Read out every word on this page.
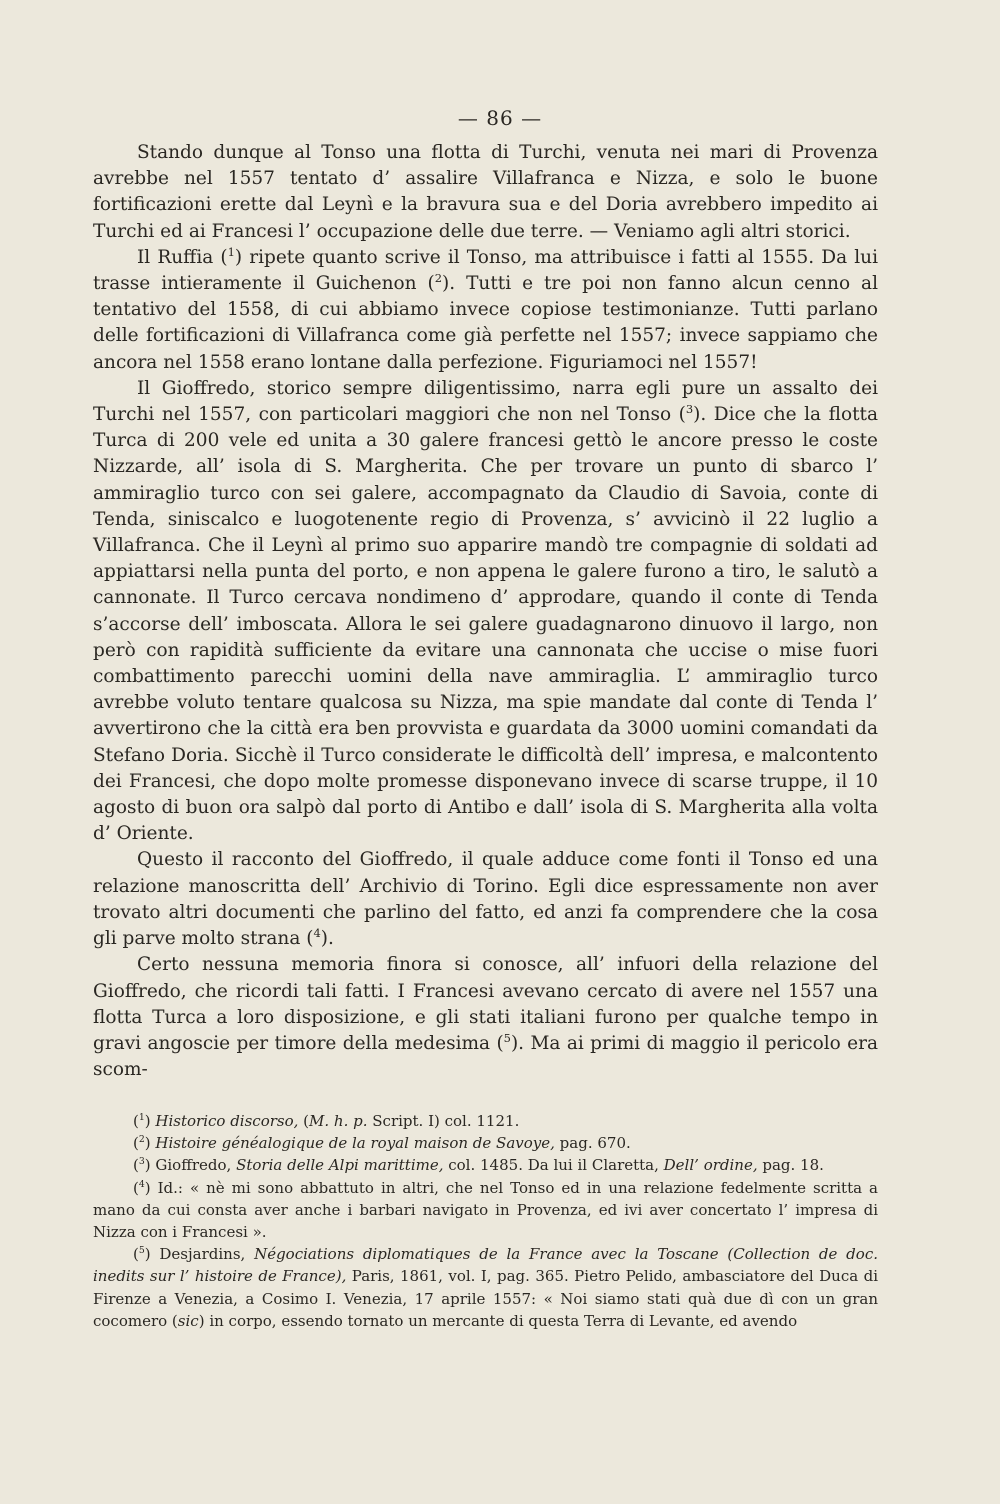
— 86 —

Stando dunque al Tonso una flotta di Turchi, venuta nei mari di Provenza avrebbe nel 1557 tentato d’ assalire Villafranca e Nizza, e solo le buone fortificazioni erette dal Leynì e la bravura sua e del Doria avrebbero impedito ai Turchi ed ai Francesi l’ occupazione delle due terre. — Veniamo agli altri storici.

Il Ruffia ($^1$) ripete quanto scrive il Tonso, ma attribuisce i fatti al 1555. Da lui trasse intieramente il Guichenon ($^2$). Tutti e tre poi non fanno alcun cenno al tentativo del 1558, di cui abbiamo invece copiose testimonianze. Tutti parlano delle fortificazioni di Villafranca come già perfette nel 1557; invece sappiamo che ancora nel 1558 erano lontane dalla perfezione. Figuriamoci nel 1557!

Il Gioffredo, storico sempre diligentissimo, narra egli pure un assalto dei Turchi nel 1557, con particolari maggiori che non nel Tonso ($^3$). Dice che la flotta Turca di 200 vele ed unita a 30 galere francesi gettò le ancore presso le coste Nizzarde, all’ isola di S. Margherita. Che per trovare un punto di sbarco l’ ammiraglio turco con sei galere, accompagnato da Claudio di Savoia, conte di Tenda, siniscalco e luogotenente regio di Provenza, s’ avvicinò il 22 luglio a Villafranca. Che il Leynì al primo suo apparire mandò tre compagnie di soldati ad appiattarsi nella punta del porto, e non appena le galere furono a tiro, le salutò a cannonate. Il Turco cercava nondimeno d’ approdare, quando il conte di Tenda s’accorse dell’ imboscata. Allora le sei galere guadagnarono dinuovo il largo, non però con rapidità sufficiente da evitare una cannonata che uccise o mise fuori combattimento parecchi uomini della nave ammiraglia. L’ ammiraglio turco avrebbe voluto tentare qualcosa su Nizza, ma spie mandate dal conte di Tenda l’ avvertirono che la città era ben provvista e guardata da 3000 uomini comandati da Stefano Doria. Sicchè il Turco considerate le difficoltà dell’ impresa, e malcontento dei Francesi, che dopo molte promesse disponevano invece di scarse truppe, il 10 agosto di buon ora salpò dal porto di Antibo e dall’ isola di S. Margherita alla volta d’ Oriente.

Questo il racconto del Gioffredo, il quale adduce come fonti il Tonso ed una relazione manoscritta dell’ Archivio di Torino. Egli dice espressamente non aver trovato altri documenti che parlino del fatto, ed anzi fa comprendere che la cosa gli parve molto strana ($^4$).

Certo nessuna memoria finora si conosce, all’ infuori della relazione del Gioffredo, che ricordi tali fatti. I Francesi avevano cercato di avere nel 1557 una flotta Turca a loro disposizione, e gli stati italiani furono per qualche tempo in gravi angoscie per timore della medesima ($^5$). Ma ai primi di maggio il pericolo era scom-

($^1$) Historico discorso, (M. h. p. Script. I) col. 1121.

($^2$) Histoire généalogique de la royal maison de Savoye, pag. 670.

($^3$) Gioffredo, Storia delle Alpi marittime, col. 1485. Da lui il Claretta, Dell’ ordine, pag. 18.

($^4$) Id.: « nè mi sono abbattuto in altri, che nel Tonso ed in una relazione fedelmente scritta a mano da cui consta aver anche i barbari navigato in Provenza, ed ivi aver concertato l’ impresa di Nizza con i Francesi ».

($^5$) Desjardins, Négociations diplomatiques de la France avec la Toscane (Collection de doc. inedits sur l’ histoire de France), Paris, 1861, vol. I, pag. 365. Pietro Pelido, ambasciatore del Duca di Firenze a Venezia, a Cosimo I. Venezia, 17 aprile 1557: « Noi siamo stati quà due dì con un gran cocomero (sic) in corpo, essendo tornato un mercante di questa Terra di Levante, ed avendo
